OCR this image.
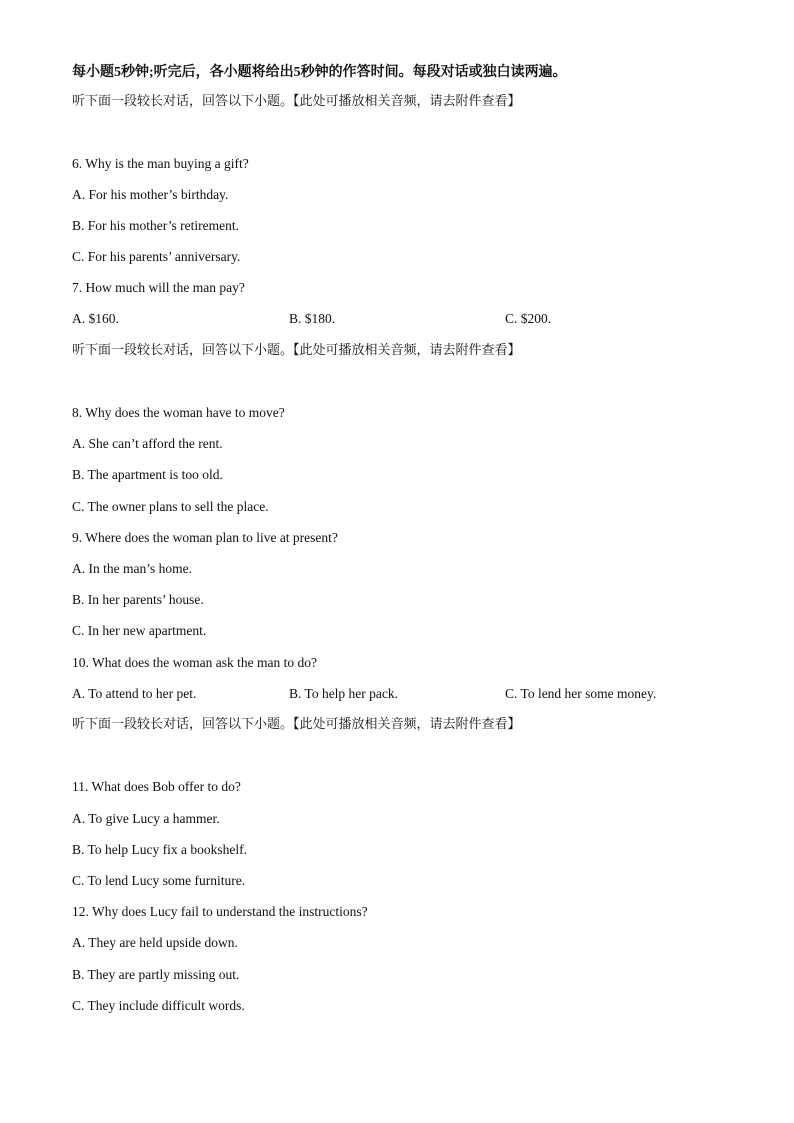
每小题5秒钟;听完后，各小题将给出5秒钟的作答时间。每段对话或独白读两遍。
听下面一段较长对话，回答以下小题。【此处可播放相关音频，请去附件查看】
6. Why is the man buying a gift?
A. For his mother’s birthday.
B. For his mother’s retirement.
C. For his parents’ anniversary.
7. How much will the man pay?
A. $160.	B. $180.	C. $200.
听下面一段较长对话，回答以下小题。【此处可播放相关音频，请去附件查看】
8. Why does the woman have to move?
A. She can’t afford the rent.
B. The apartment is too old.
C. The owner plans to sell the place.
9. Where does the woman plan to live at present?
A. In the man’s home.
B. In her parents’ house.
C. In her new apartment.
10. What does the woman ask the man to do?
A. To attend to her pet.	B. To help her pack.	C. To lend her some money.
听下面一段较长对话，回答以下小题。【此处可播放相关音频，请去附件查看】
11. What does Bob offer to do?
A. To give Lucy a hammer.
B. To help Lucy fix a bookshelf.
C. To lend Lucy some furniture.
12. Why does Lucy fail to understand the instructions?
A. They are held upside down.
B. They are partly missing out.
C. They include difficult words.
